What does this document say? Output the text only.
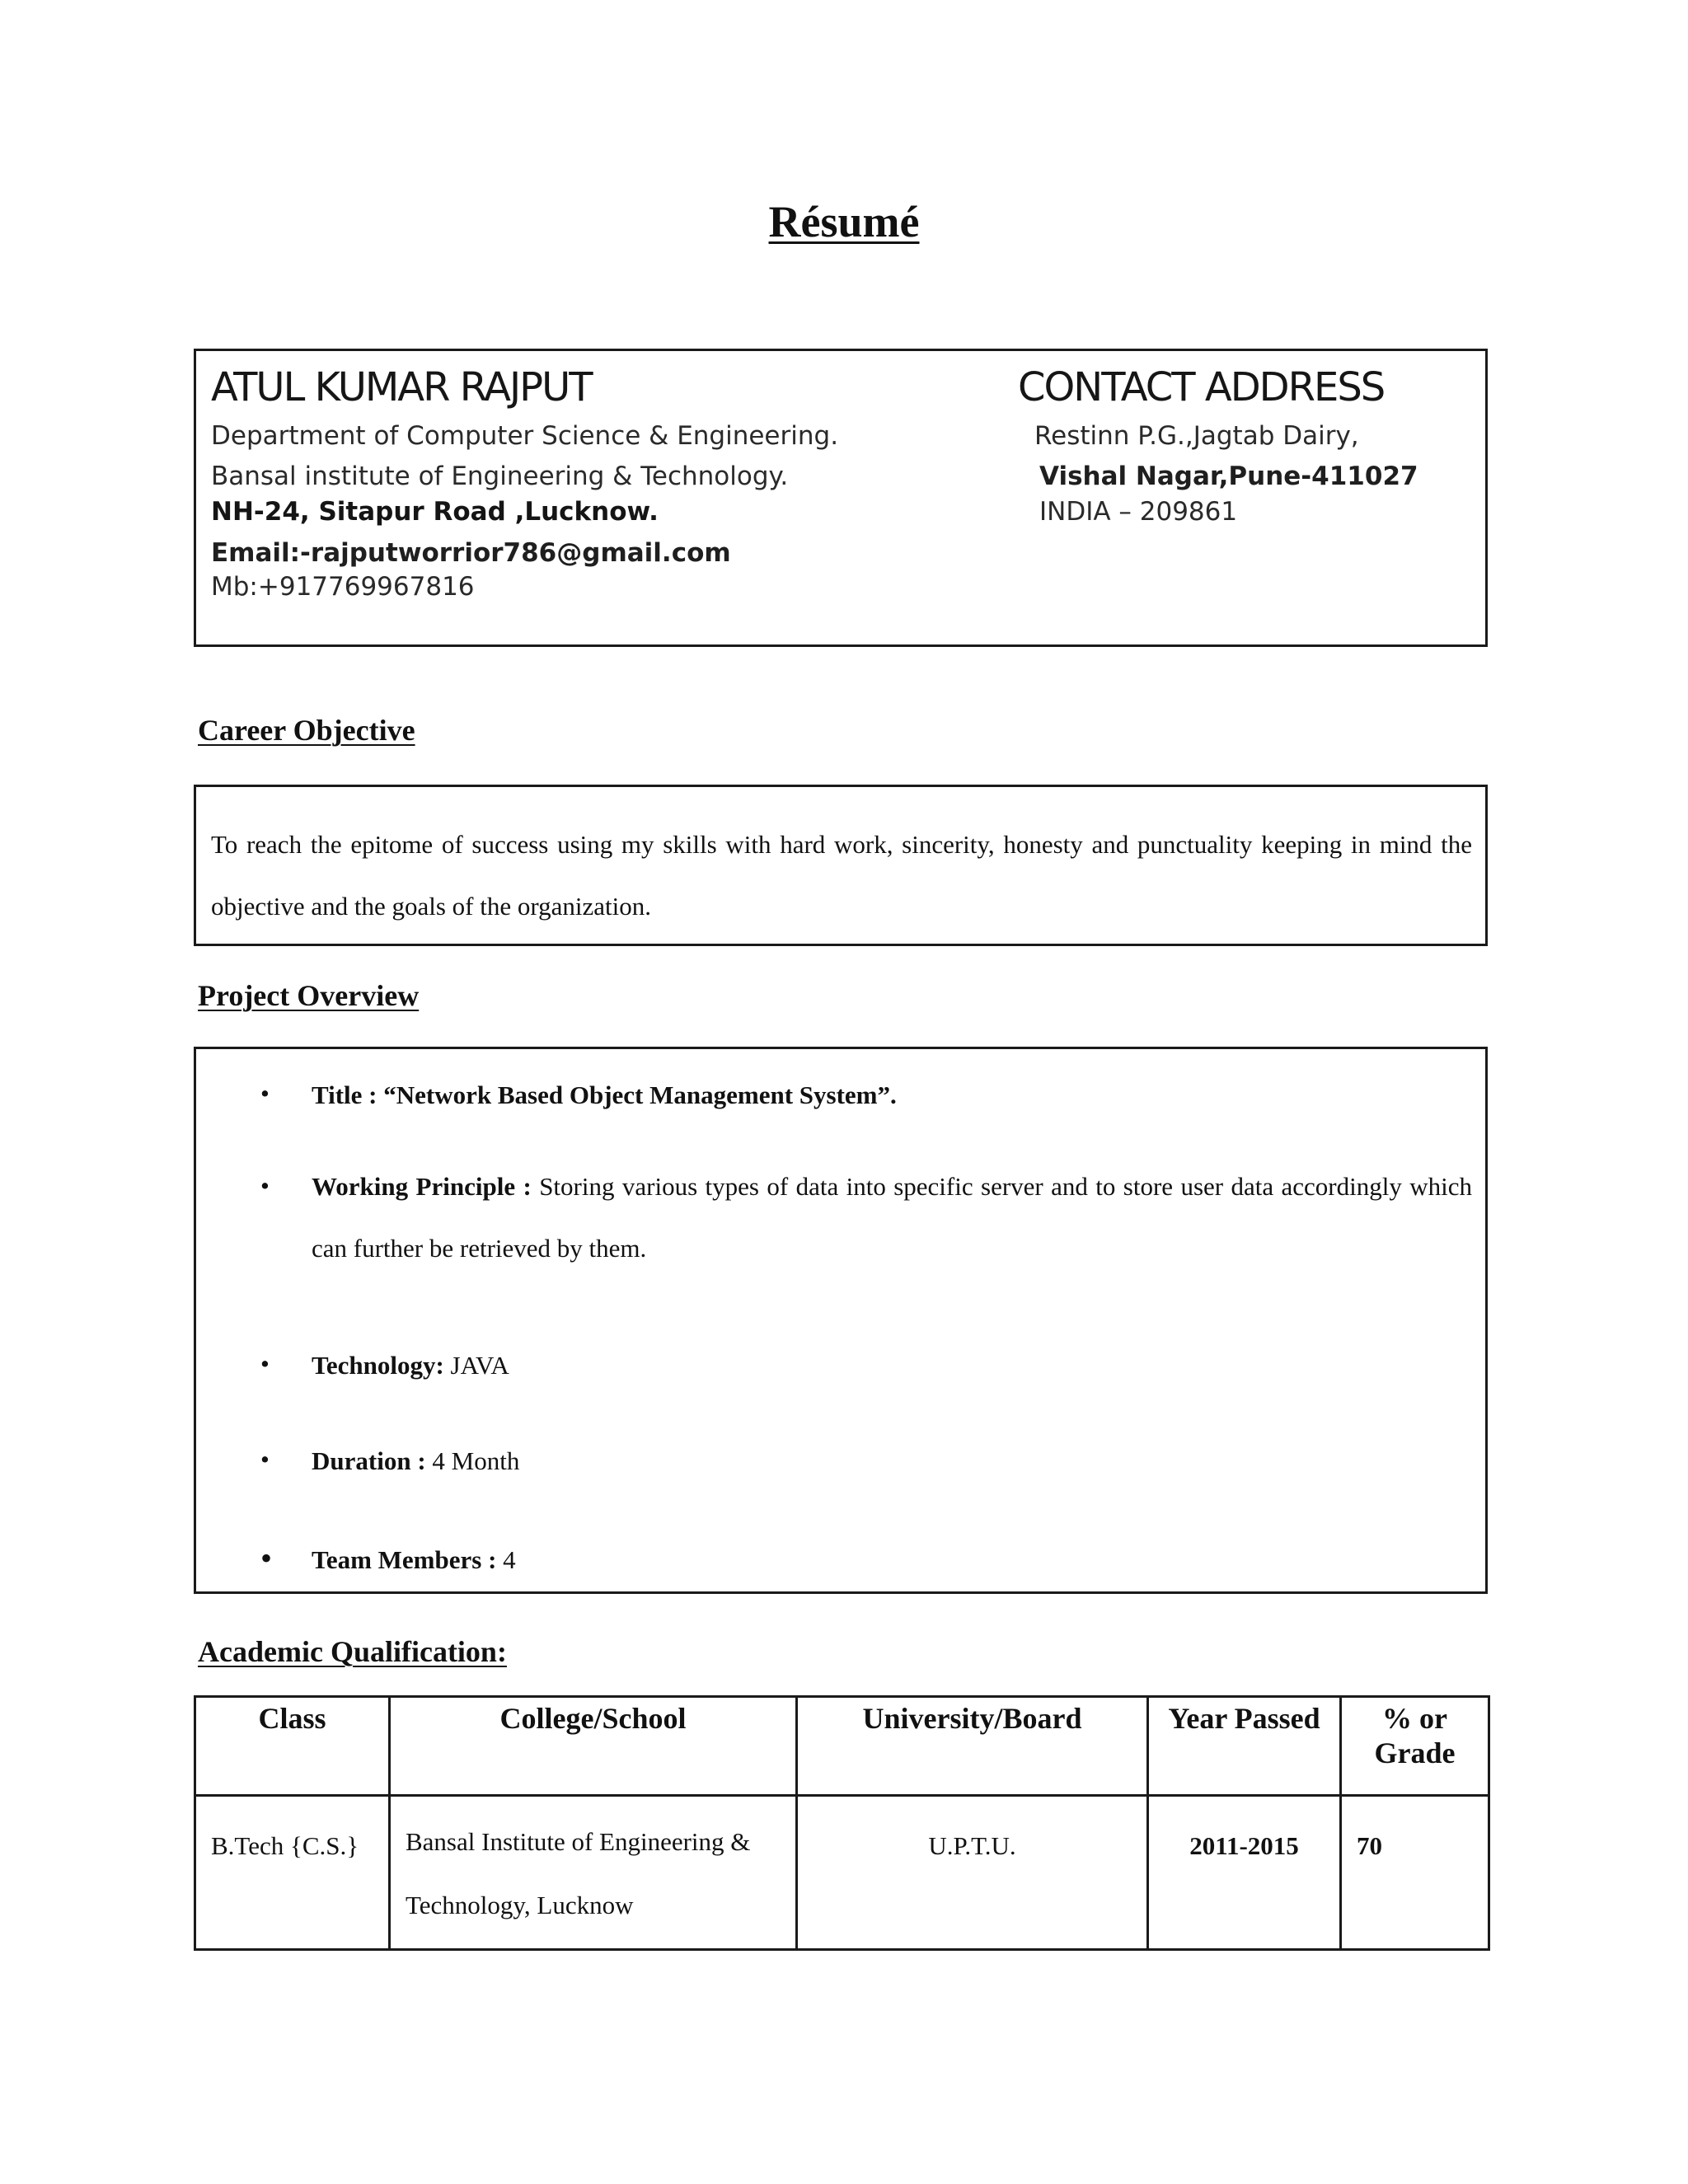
Résumé
ATUL KUMAR RAJPUT	CONTACT ADDRESS
Department of Computer Science & Engineering.
Bansal institute of Engineering & Technology.
NH-24, Sitapur Road ,Lucknow.
Email:-rajputworrior786@gmail.com
Mb:+917769967816
Restinn P.G.,Jagtab Dairy,
Vishal Nagar,Pune-411027
INDIA – 209861
Career Objective
To reach the epitome of success using my skills with hard work, sincerity, honesty and punctuality keeping in mind the objective and the goals of the organization.
Project Overview
• Title : “Network Based Object Management System”.
• Working Principle : Storing various types of data into specific server and to store user data accordingly which can further be retrieved by them.
• Technology: JAVA
• Duration : 4 Month
• Team Members : 4
Academic Qualification:
Class	College/School	University/Board	Year Passed	% or Grade
B.Tech {C.S.}	Bansal Institute of Engineering & Technology, Lucknow	U.P.T.U.	2011-2015	70
